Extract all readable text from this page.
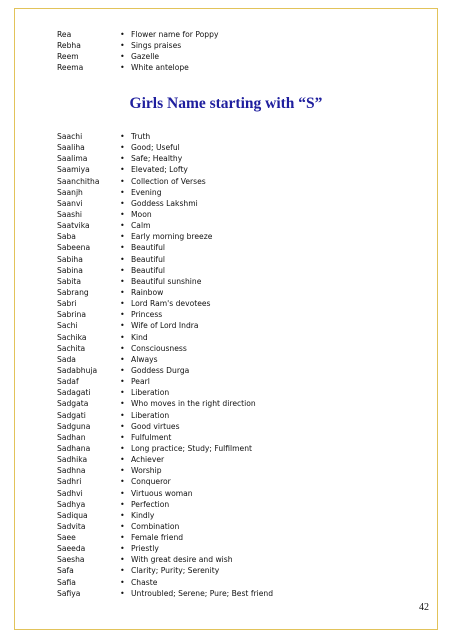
Rea	• Flower name for Poppy
Rebha	• Sings praises
Reem	• Gazelle
Reema	• White antelope
Girls Name starting with “S”
Saachi	• Truth
Saaliha	• Good; Useful
Saalima	• Safe; Healthy
Saamiya	• Elevated; Lofty
Saanchitha	• Collection of Verses
Saanjh	• Evening
Saanvi	• Goddess Lakshmi
Saashi	• Moon
Saatvika	• Calm
Saba	• Early morning breeze
Sabeena	• Beautiful
Sabiha	• Beautiful
Sabina	• Beautiful
Sabita	• Beautiful sunshine
Sabrang	• Rainbow
Sabri	• Lord Ram's devotees
Sabrina	• Princess
Sachi	• Wife of Lord Indra
Sachika	• Kind
Sachita	• Consciousness
Sada	• Always
Sadabhuja	• Goddess Durga
Sadaf	• Pearl
Sadagati	• Liberation
Sadgata	• Who moves in the right direction
Sadgati	• Liberation
Sadguna	• Good virtues
Sadhan	• Fulfulment
Sadhana	• Long practice; Study; Fulfilment
Sadhika	• Achiever
Sadhna	• Worship
Sadhri	• Conqueror
Sadhvi	• Virtuous woman
Sadhya	• Perfection
Sadiqua	• Kindly
Sadvita	• Combination
Saee	• Female friend
Saeeda	• Priestly
Saesha	• With great desire and wish
Safa	• Clarity; Purity; Serenity
Safia	• Chaste
Safiya	• Untroubled; Serene; Pure; Best friend
42
